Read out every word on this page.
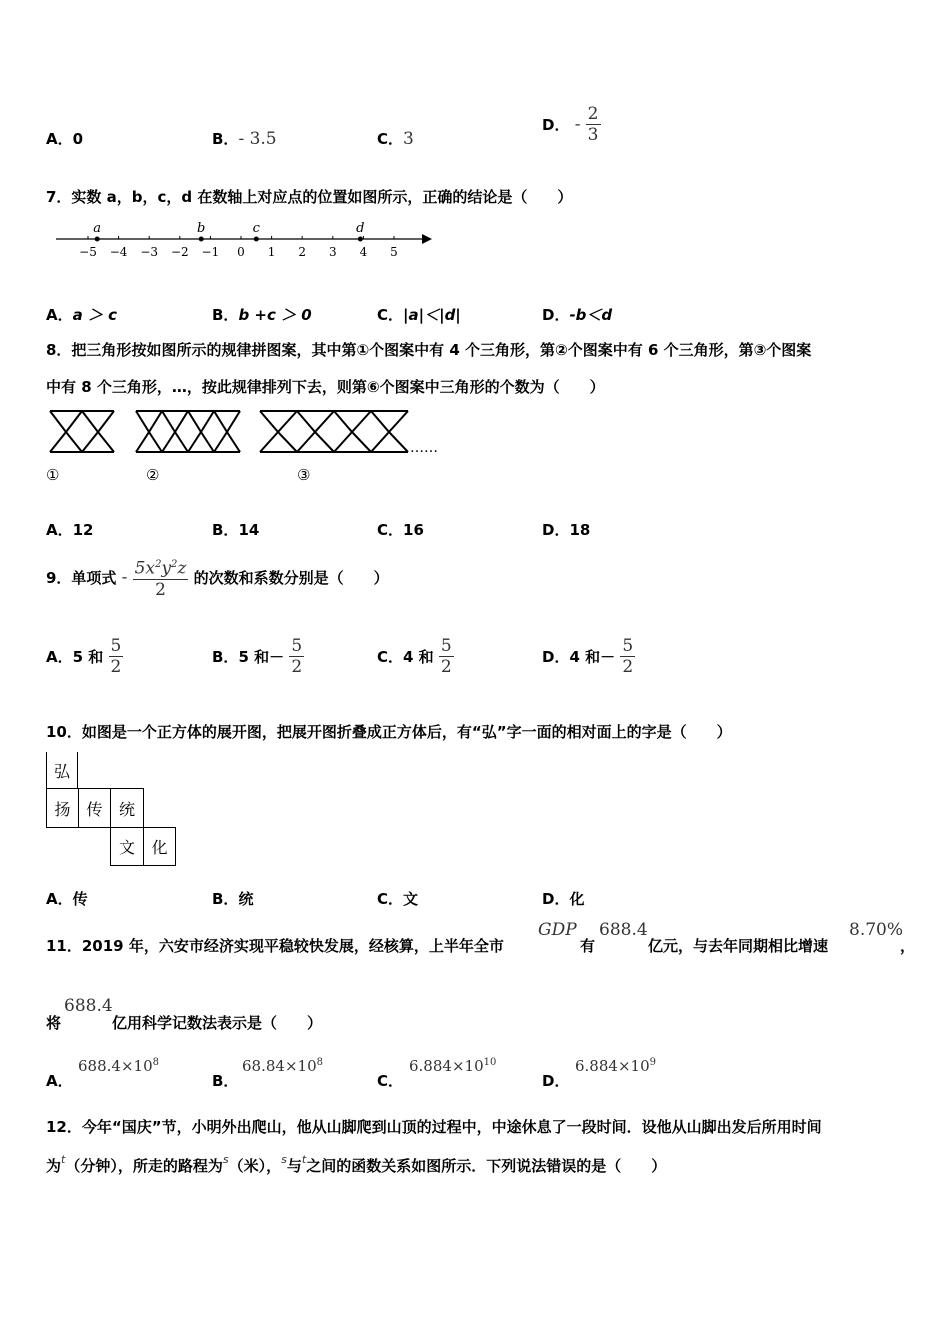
A．0	B．- 3.5	C．3
D． - $\frac{2}{3}$
7．实数 a，b，c，d 在数轴上对应点的位置如图所示，正确的结论是（　　）
−5 −4 −3 −2 −1 0 1 2 3 4 5
a	b	c	d
A．a ＞ c	B．b +c ＞ 0	C．|a|＜|d|	D．-b＜d
8．把三角形按如图所示的规律拼图案，其中第①个图案中有 4 个三角形，第②个图案中有 6 个三角形，第③个图案
中有 8 个三角形，…，按此规律排列下去，则第⑥个图案中三角形的个数为（　　）
……
①	②	③
A．12	B．14	C．16	D．18
9．单项式 - $\frac{5x^2y^2z}{2}$ 的次数和系数分别是（　　）
A．5 和 $\frac{5}{2}$	B．5 和－ $\frac{5}{2}$	C．4 和 $\frac{5}{2}$	D．4 和－ $\frac{5}{2}$
10．如图是一个正方体的展开图，把展开图折叠成正方体后，有“弘”字一面的相对面上的字是（　　）
弘
扬 传	统
文	化
A．传	B．统	C．文	D．化
11．2019 年，六安市经济实现平稳较快发展，经核算，上半年全市
GDP
有
688.4
亿元，与去年同期相比增速
8.70%
，
将
688.4
亿用科学记数法表示是（　　）
A．
$688.4\times 10^8$
B．
$68.84\times 10^8$
C．
$6.884\times 10^{10}$
D．
$6.884\times 10^9$
12．今年“国庆”节，小明外出爬山，他从山脚爬到山顶的过程中，中途休息了一段时间．设他从山脚出发后所用时间
为$^t$（分钟），所走的路程为$^s$（米），$^s$与$^t$之间的函数关系如图所示．下列说法错误的是（　　）
